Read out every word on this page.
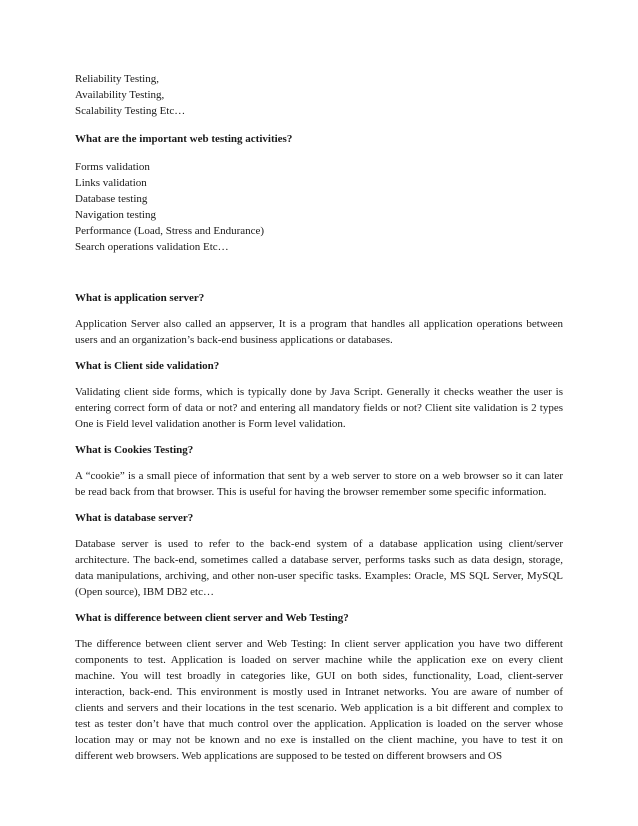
Reliability Testing,
Availability Testing,
Scalability Testing Etc…
What are the important web testing activities?
Forms validation
Links validation
Database testing
Navigation testing
Performance (Load, Stress and Endurance)
Search operations validation Etc…
What is application server?

Application Server also called an appserver, It is a program that handles all application operations between users and an organization’s back-end business applications or databases.

What is Client side validation?

Validating client side forms, which is typically done by Java Script. Generally it checks weather the user is entering correct form of data or not? and entering all mandatory fields or not? Client site validation is 2 types One is Field level validation another is Form level validation.

What is Cookies Testing?

A “cookie” is a small piece of information that sent by a web server to store on a web browser so it can later be read back from that browser. This is useful for having the browser remember some specific information.

What is database server?

Database server is used to refer to the back-end system of a database application using client/server architecture. The back-end, sometimes called a database server, performs tasks such as data design, storage, data manipulations, archiving, and other non-user specific tasks. Examples: Oracle, MS SQL Server, MySQL (Open source), IBM DB2 etc…

What is difference between client server and Web Testing?

The difference between client server and Web Testing: In client server application you have two different components to test. Application is loaded on server machine while the application exe on every client machine. You will test broadly in categories like, GUI on both sides, functionality, Load, client-server interaction, back-end. This environment is mostly used in Intranet networks. You are aware of number of clients and servers and their locations in the test scenario. Web application is a bit different and complex to test as tester don’t have that much control over the application. Application is loaded on the server whose location may or may not be known and no exe is installed on the client machine, you have to test it on different web browsers. Web applications are supposed to be tested on different browsers and OS
